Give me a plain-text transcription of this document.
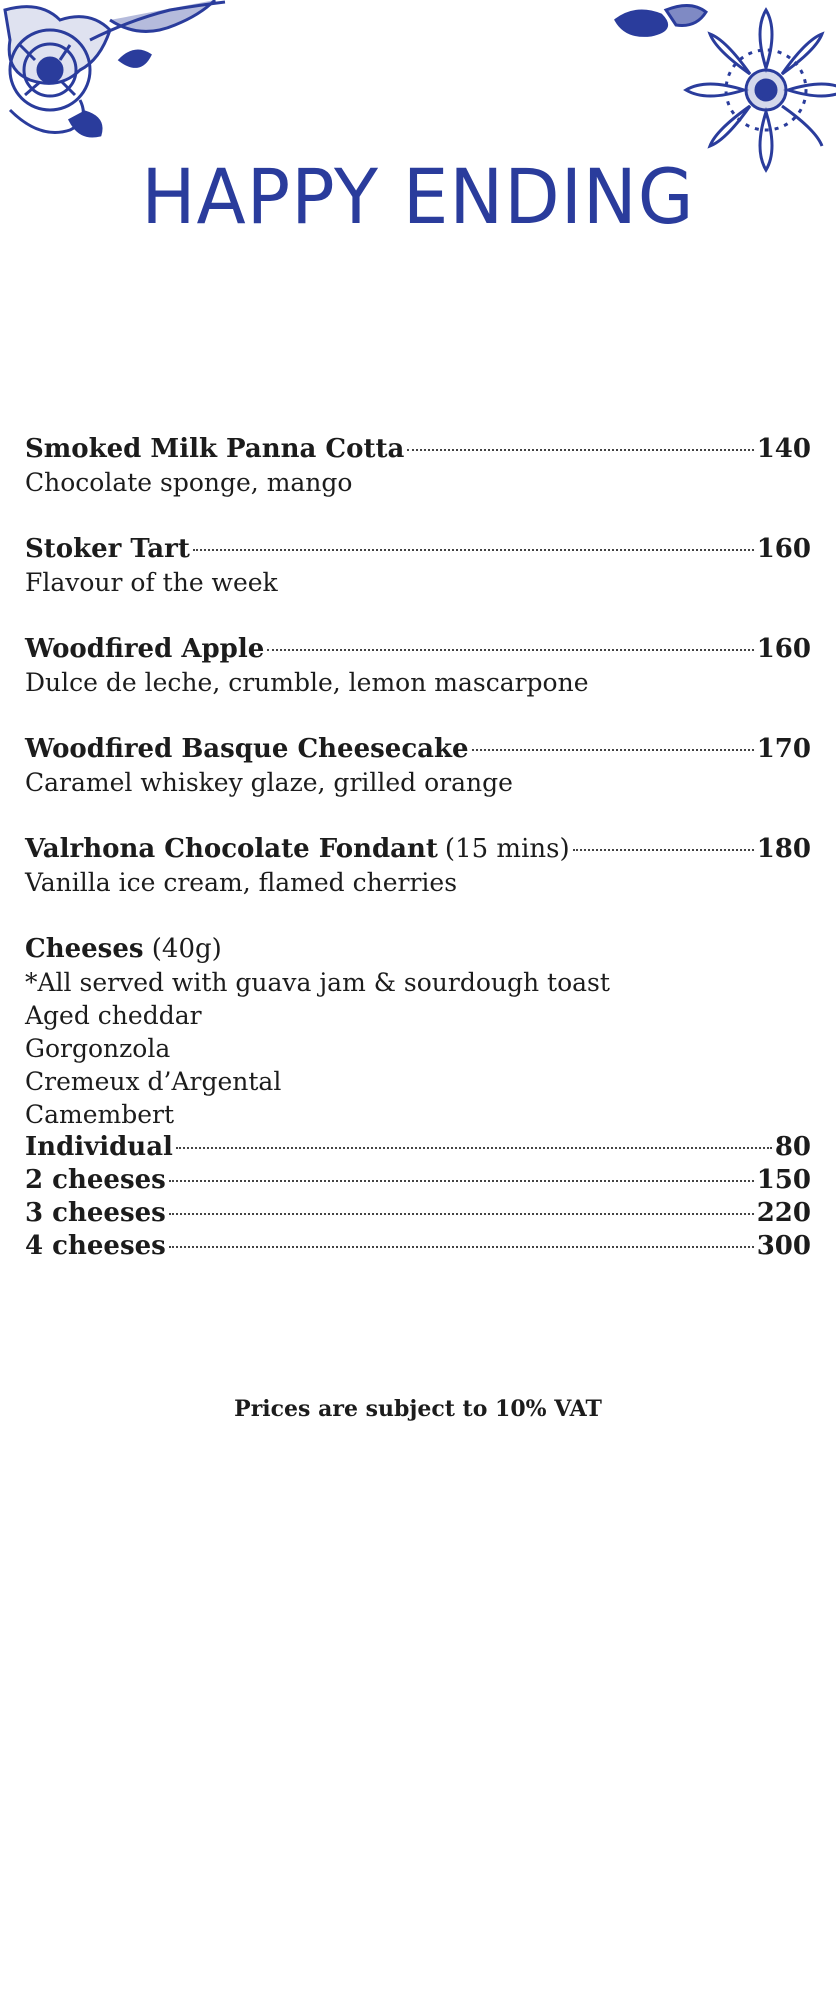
HAPPY ENDING
Smoked Milk Panna Cotta	140
Chocolate sponge, mango
Stoker Tart	160
Flavour of the week
Woodfired Apple	160
Dulce de leche, crumble, lemon mascarpone
Woodfired Basque Cheesecake	170
Caramel whiskey glaze, grilled orange
Valrhona Chocolate Fondant (15 mins)	180
Vanilla ice cream, flamed cherries
Cheeses (40g)
*All served with guava jam & sourdough toast
Aged cheddar
Gorgonzola
Cremeux d’Argental
Camembert
Individual	80
2 cheeses	150
3 cheeses	220
4 cheeses	300
Prices are subject to 10% VAT
